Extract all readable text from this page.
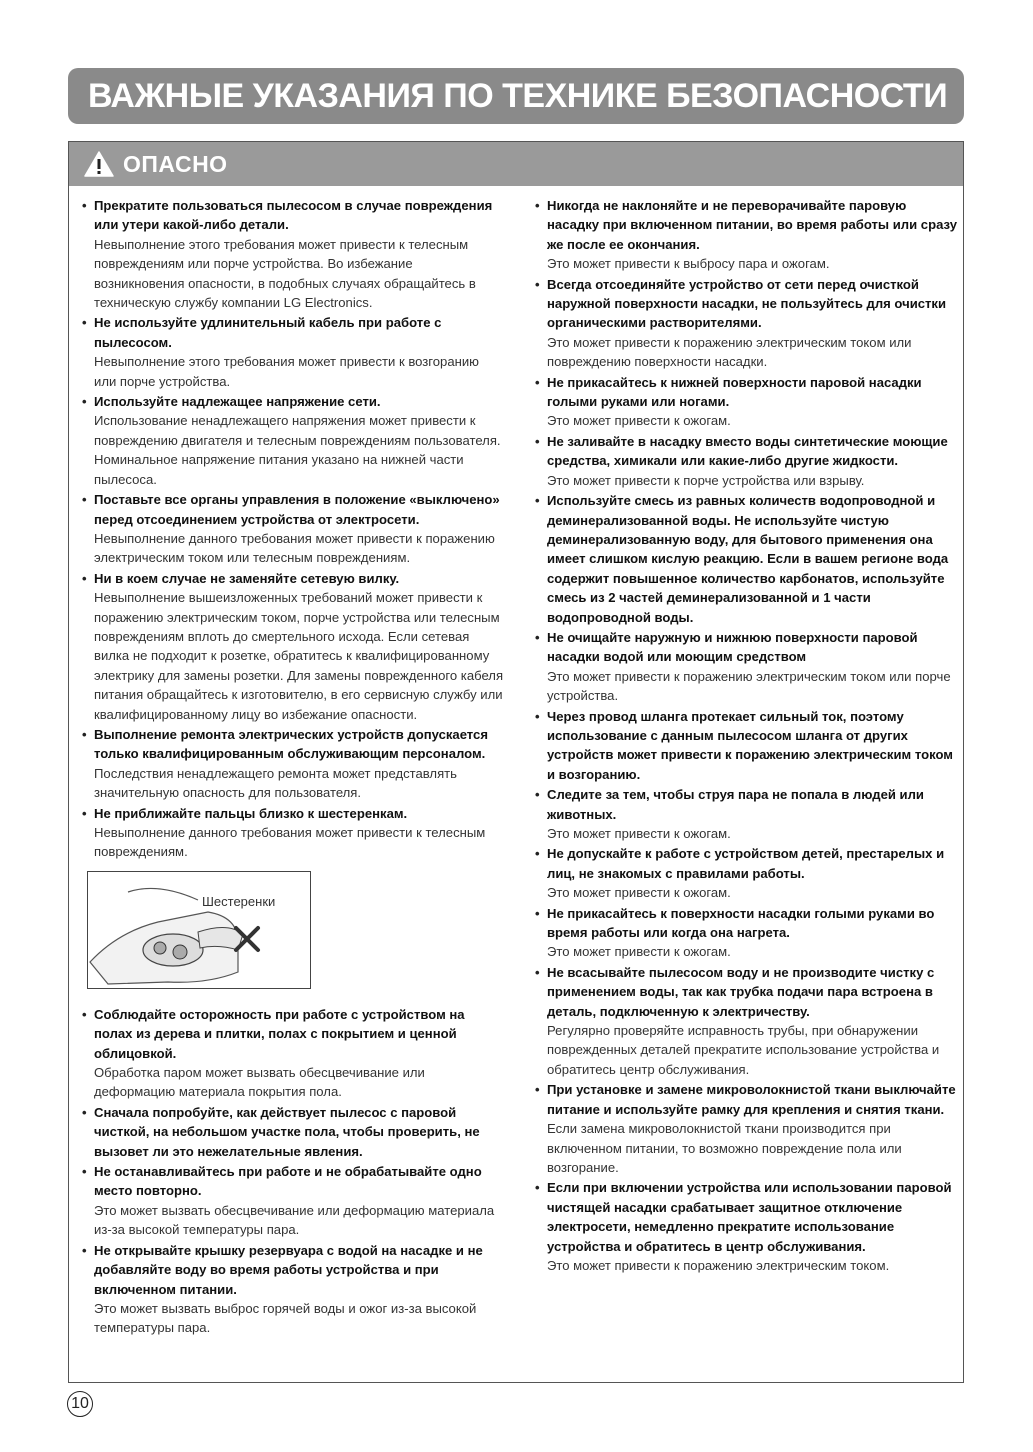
ВАЖНЫЕ УКАЗАНИЯ ПО ТЕХНИКЕ БЕЗОПАСНОСТИ
ОПАСНО
• Прекратите пользоваться пылесосом в случае повреждения или утери какой-либо детали.
Невыполнение этого требования может привести к телесным повреждениям или порче устройства. Во избежание возникновения опасности, в подобных случаях обращайтесь в техническую службу компании LG Electronics.
• Не используйте удлинительный кабель при работе с пылесосом.
Невыполнение этого требования может привести к возгоранию или порче устройства.
• Используйте надлежащее напряжение сети.
Использование ненадлежащего напряжения может привести к повреждению двигателя и телесным повреждениям пользователя. Номинальное напряжение питания указано на нижней части пылесоса.
• Поставьте все органы управления в положение «выключено» перед отсоединением устройства от электросети.
Невыполнение данного требования может привести к поражению электрическим током или телесным повреждениям.
• Ни в коем случае не заменяйте сетевую вилку.
Невыполнение вышеизложенных требований может привести к поражению электрическим током, порче устройства или телесным повреждениям вплоть до смертельного исхода. Если сетевая вилка не подходит к розетке, обратитесь к квалифицированному электрику для замены розетки. Для замены поврежденного кабеля питания обращайтесь к изготовителю, в его сервисную службу или квалифицированному лицу во избежание опасности.
• Выполнение ремонта электрических устройств допускается только квалифицированным обслуживающим персоналом.
Последствия ненадлежащего ремонта может представлять значительную опасность для пользователя.
• Не приближайте пальцы близко к шестеренкам.
Невыполнение данного требования может привести к телесным повреждениям.
Шестеренки
• Соблюдайте осторожность при работе с устройством на полах из дерева и плитки, полах с покрытием и ценной облицовкой.
Обработка паром может вызвать обесцвечивание или деформацию материала покрытия пола.
• Сначала попробуйте, как действует пылесос с паровой чисткой, на небольшом участке пола, чтобы проверить, не вызовет ли это нежелательные явления.
• Не останавливайтесь при работе и не обрабатывайте одно место повторно.
Это может вызвать обесцвечивание или деформацию материала из-за высокой температуры пара.
• Не открывайте крышку резервуара с водой на насадке и не добавляйте воду во время работы устройства и при включенном питании.
Это может вызвать выброс горячей воды и ожог из-за высокой температуры пара.
• Никогда не наклоняйте и не переворачивайте паровую насадку при включенном питании, во время работы или сразу же после ее окончания.
Это может привести к выбросу пара и ожогам.
• Всегда отсоединяйте устройство от сети перед очисткой наружной поверхности насадки, не пользуйтесь для очистки органическими растворителями.
Это может привести к поражению электрическим током или повреждению поверхности насадки.
• Не прикасайтесь к нижней поверхности паровой насадки голыми руками или ногами.
Это может привести к ожогам.
• Не заливайте в насадку вместо воды синтетические моющие средства, химикали или какие-либо другие жидкости.
Это может привести к порче устройства или взрыву.
• Используйте смесь из равных количеств водопроводной и деминерализованной воды. Не используйте чистую деминерализованную воду, для бытового применения она имеет слишком кислую реакцию. Если в вашем регионе вода содержит повышенное количество карбонатов, используйте смесь из 2 частей деминерализованной и 1 части водопроводной воды.
• Не очищайте наружную и нижнюю поверхности паровой насадки водой или моющим средством
Это может привести к поражению электрическим током или порче устройства.
• Через провод шланга протекает сильный ток, поэтому использование с данным пылесосом шланга от других устройств может привести к поражению электрическим током и возгоранию.
• Следите за тем, чтобы струя пара не попала в людей или животных.
Это может привести к ожогам.
• Не допускайте к работе с устройством детей, престарелых и лиц, не знакомых с правилами работы.
Это может привести к ожогам.
• Не прикасайтесь к поверхности насадки голыми руками во время работы или когда она нагрета.
Это может привести к ожогам.
• Не всасывайте пылесосом воду и не производите чистку с применением воды, так как трубка подачи пара встроена в деталь, подключенную к электричеству.
Регулярно проверяйте исправность трубы, при обнаружении поврежденных деталей прекратите использование устройства и обратитесь центр обслуживания.
• При установке и замене микроволокнистой ткани выключайте питание и используйте рамку для крепления и снятия ткани.
Если замена микроволокнистой ткани производится при включенном питании, то возможно повреждение пола или возгорание.
• Если при включении устройства или использовании паровой чистящей насадки срабатывает защитное отключение электросети, немедленно прекратите использование устройства и обратитесь в центр обслуживания.
Это может привести к поражению электрическим током.
10
